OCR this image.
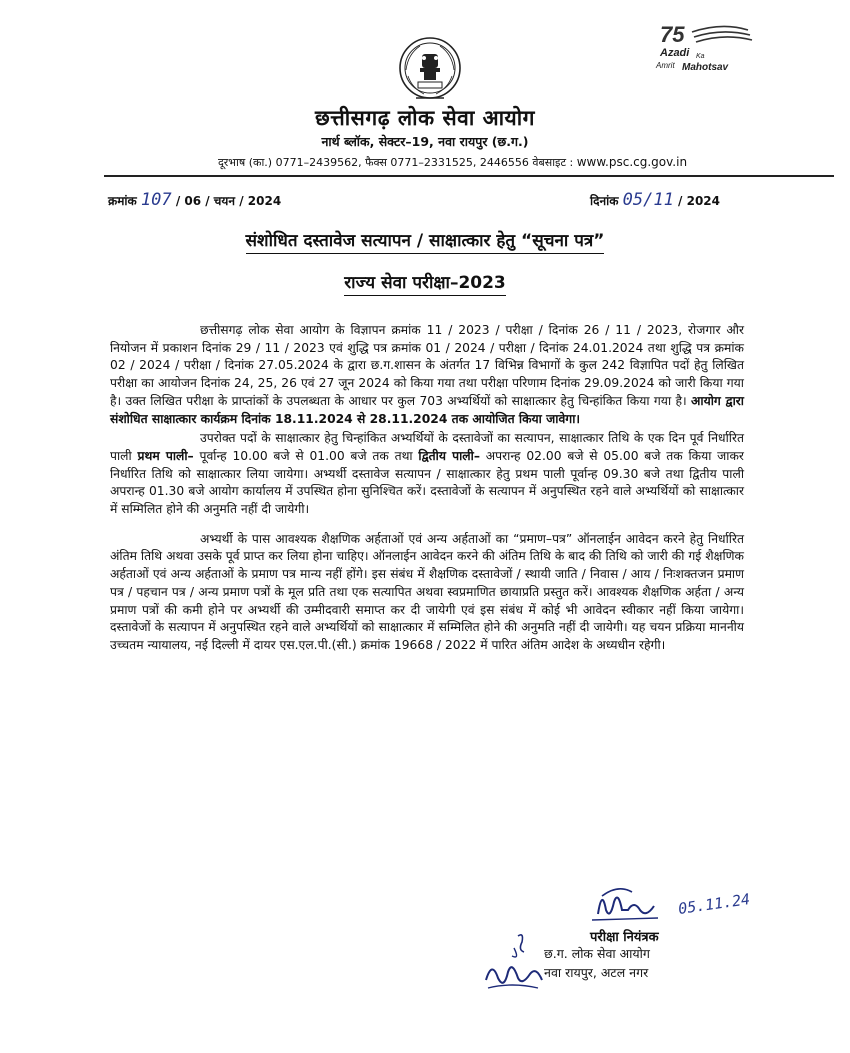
75
Azadi Ka
Amrit Mahotsav
छत्तीसगढ़ लोक सेवा आयोग
नार्थ ब्लॉक, सेक्टर–19, नवा रायपुर (छ.ग.)
दूरभाष (का.) 0771–2439562, फैक्स 0771–2331525, 2446556 वेबसाइट : www.psc.cg.gov.in
क्रमांक 107 / 06 / चयन / 2024	दिनांक 05/11 / 2024
संशोधित दस्तावेज सत्यापन / साक्षात्कार हेतु “सूचना पत्र”
राज्य सेवा परीक्षा–2023

छत्तीसगढ़ लोक सेवा आयोग के विज्ञापन क्रमांक 11 / 2023 / परीक्षा / दिनांक 26 / 11 / 2023, रोजगार और नियोजन में प्रकाशन दिनांक 29 / 11 / 2023 एवं शुद्धि पत्र क्रमांक 01 / 2024 / परीक्षा / दिनांक 24.01.2024 तथा शुद्धि पत्र क्रमांक 02 / 2024 / परीक्षा / दिनांक 27.05.2024 के द्वारा छ.ग.शासन के अंतर्गत 17 विभिन्न विभागों के कुल 242 विज्ञापित पदों हेतु लिखित परीक्षा का आयोजन दिनांक 24, 25, 26 एवं 27 जून 2024 को किया गया तथा परीक्षा परिणाम दिनांक 29.09.2024 को जारी किया गया है। उक्त लिखित परीक्षा के प्राप्तांकों के उपलब्धता के आधार पर कुल 703 अभ्यर्थियों को साक्षात्कार हेतु चिन्हांकित किया गया है। आयोग द्वारा संशोधित साक्षात्कार कार्यक्रम दिनांक 18.11.2024 से 28.11.2024 तक आयोजित किया जावेगा।

उपरोक्त पदों के साक्षात्कार हेतु चिन्हांकित अभ्यर्थियों के दस्तावेजों का सत्यापन, साक्षात्कार तिथि के एक दिन पूर्व निर्धारित पाली प्रथम पाली– पूर्वान्ह 10.00 बजे से 01.00 बजे तक तथा द्वितीय पाली– अपरान्ह 02.00 बजे से 05.00 बजे तक किया जाकर निर्धारित तिथि को साक्षात्कार लिया जायेगा। अभ्यर्थी दस्तावेज सत्यापन / साक्षात्कार हेतु प्रथम पाली पूर्वान्ह 09.30 बजे तथा द्वितीय पाली अपरान्ह 01.30 बजे आयोग कार्यालय में उपस्थित होना सुनिश्चित करें। दस्तावेजों के सत्यापन में अनुपस्थित रहने वाले अभ्यर्थियों को साक्षात्कार में सम्मिलित होने की अनुमति नहीं दी जायेगी।

अभ्यर्थी के पास आवश्यक शैक्षणिक अर्हताओं एवं अन्य अर्हताओं का “प्रमाण–पत्र” ऑनलाईन आवेदन करने हेतु निर्धारित अंतिम तिथि अथवा उसके पूर्व प्राप्त कर लिया होना चाहिए। ऑनलाईन आवेदन करने की अंतिम तिथि के बाद की तिथि को जारी की गई शैक्षणिक अर्हताओं एवं अन्य अर्हताओं के प्रमाण पत्र मान्य नहीं होंगे। इस संबंध में शैक्षणिक दस्तावेजों / स्थायी जाति / निवास / आय / निःशक्तजन प्रमाण पत्र / पहचान पत्र / अन्य प्रमाण पत्रों के मूल प्रति तथा एक सत्यापित अथवा स्वप्रमाणित छायाप्रति प्रस्तुत करें। आवश्यक शैक्षणिक अर्हता / अन्य प्रमाण पत्रों की कमी होने पर अभ्यर्थी की उम्मीदवारी समाप्त कर दी जायेगी एवं इस संबंध में कोई भी आवेदन स्वीकार नहीं किया जायेगा। दस्तावेजों के सत्यापन में अनुपस्थित रहने वाले अभ्यर्थियों को साक्षात्कार में सम्मिलित होने की अनुमति नहीं दी जायेगी। यह चयन प्रक्रिया माननीय उच्चतम न्यायालय, नई दिल्ली में दायर एस.एल.पी.(सी.) क्रमांक 19668 / 2022 में पारित अंतिम आदेश के अध्यधीन रहेगी।

05.11.24
परीक्षा नियंत्रक
छ.ग. लोक सेवा आयोग
नवा रायपुर, अटल नगर
